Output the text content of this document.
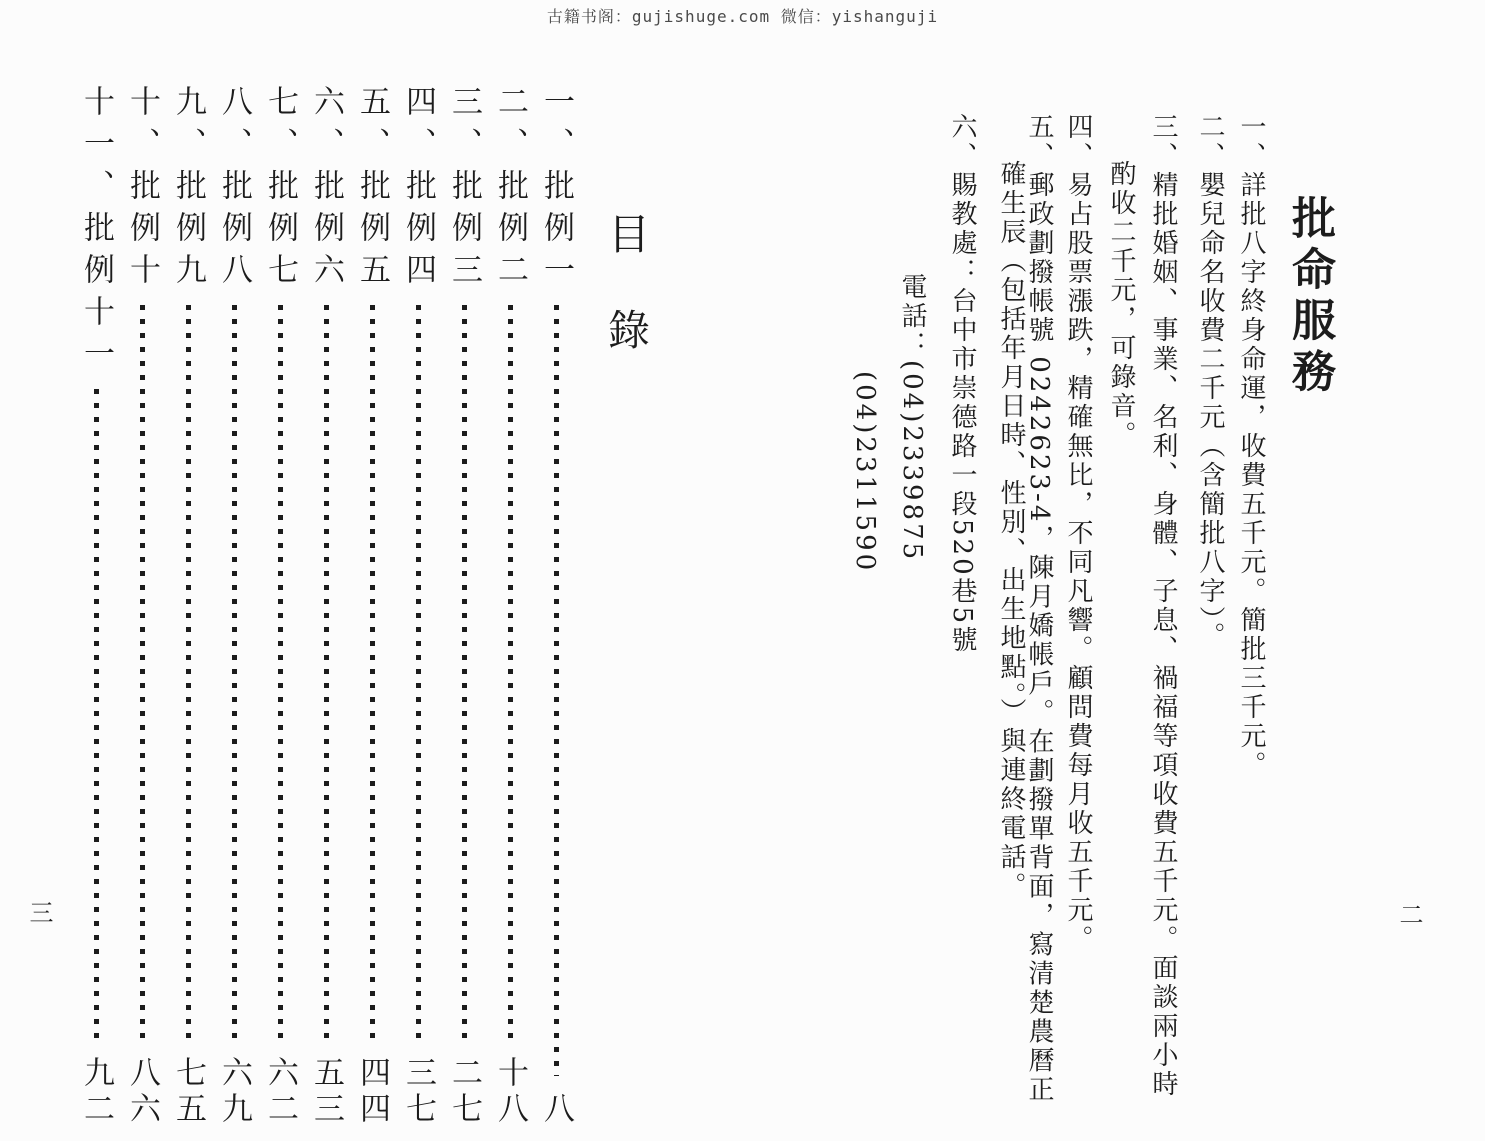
古籍书阁：gujishuge.com 微信：yishanguji
批命服務
一、詳批八字終身命運，收費五千元。簡批三千元。
二、嬰兒命名收費二千元（含簡批八字）。
三、精批婚姻、事業、名利、身體、子息、禍福等項收費五千元。面談兩小時
酌收二千元，可錄音。
四、易占股票漲跌，精確無比，不同凡響。顧問費每月收五千元。
五、郵政劃撥帳號 0242623-4，陳月嬌帳戶。在劃撥單背面，寫清楚農曆正
確生辰（包括年月日時、性別、出生地點。）與連終電話。
六、賜教處：台中市崇德路一段520巷5號
電話：(04)2339875
(04)2311590
二
目錄
一、批例一
八
二、批例二
十八
三、批例三
二七
四、批例四
三七
五、批例五
四四
六、批例六
五三
七、批例七
六二
八、批例八
六九
九、批例九
七五
十、批例十
八六
十一、批例十一
九二
三
